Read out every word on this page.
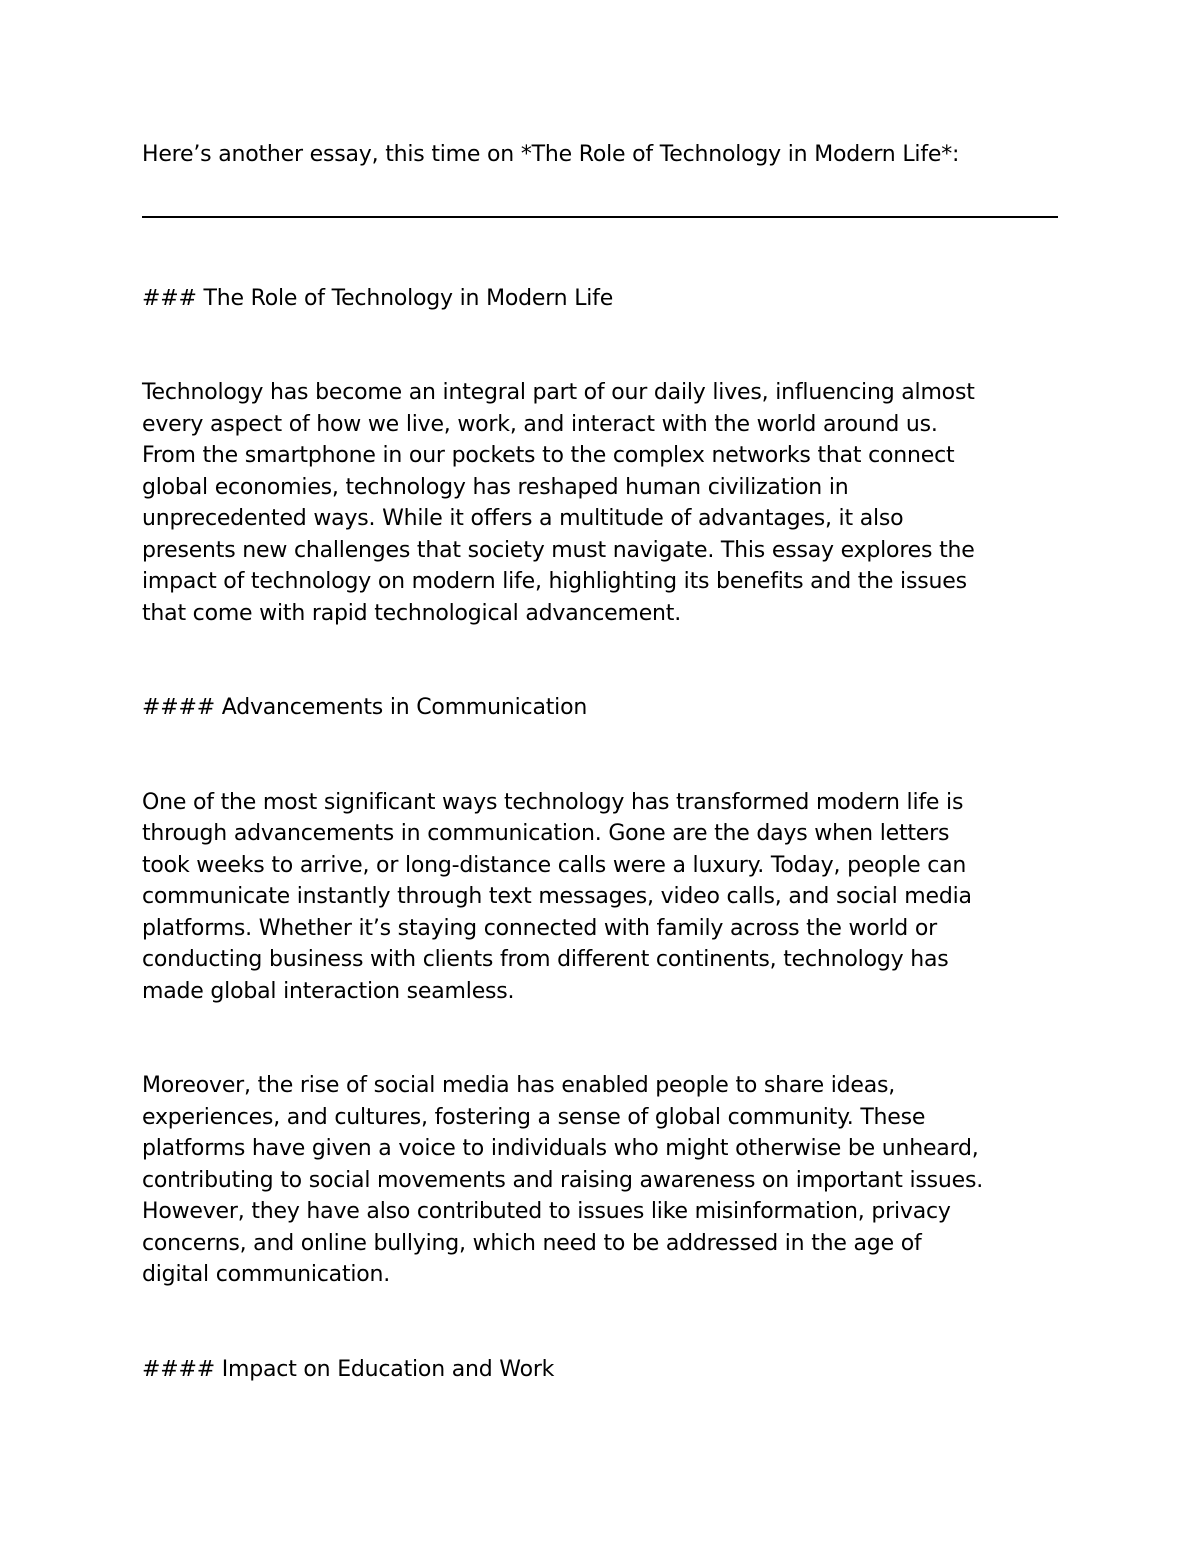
Here’s another essay, this time on *The Role of Technology in Modern Life*:

### The Role of Technology in Modern Life

Technology has become an integral part of our daily lives, influencing almost
every aspect of how we live, work, and interact with the world around us.
From the smartphone in our pockets to the complex networks that connect
global economies, technology has reshaped human civilization in
unprecedented ways. While it offers a multitude of advantages, it also
presents new challenges that society must navigate. This essay explores the
impact of technology on modern life, highlighting its benefits and the issues
that come with rapid technological advancement.

#### Advancements in Communication

One of the most significant ways technology has transformed modern life is
through advancements in communication. Gone are the days when letters
took weeks to arrive, or long-distance calls were a luxury. Today, people can
communicate instantly through text messages, video calls, and social media
platforms. Whether it’s staying connected with family across the world or
conducting business with clients from different continents, technology has
made global interaction seamless.

Moreover, the rise of social media has enabled people to share ideas,
experiences, and cultures, fostering a sense of global community. These
platforms have given a voice to individuals who might otherwise be unheard,
contributing to social movements and raising awareness on important issues.
However, they have also contributed to issues like misinformation, privacy
concerns, and online bullying, which need to be addressed in the age of
digital communication.

#### Impact on Education and Work
